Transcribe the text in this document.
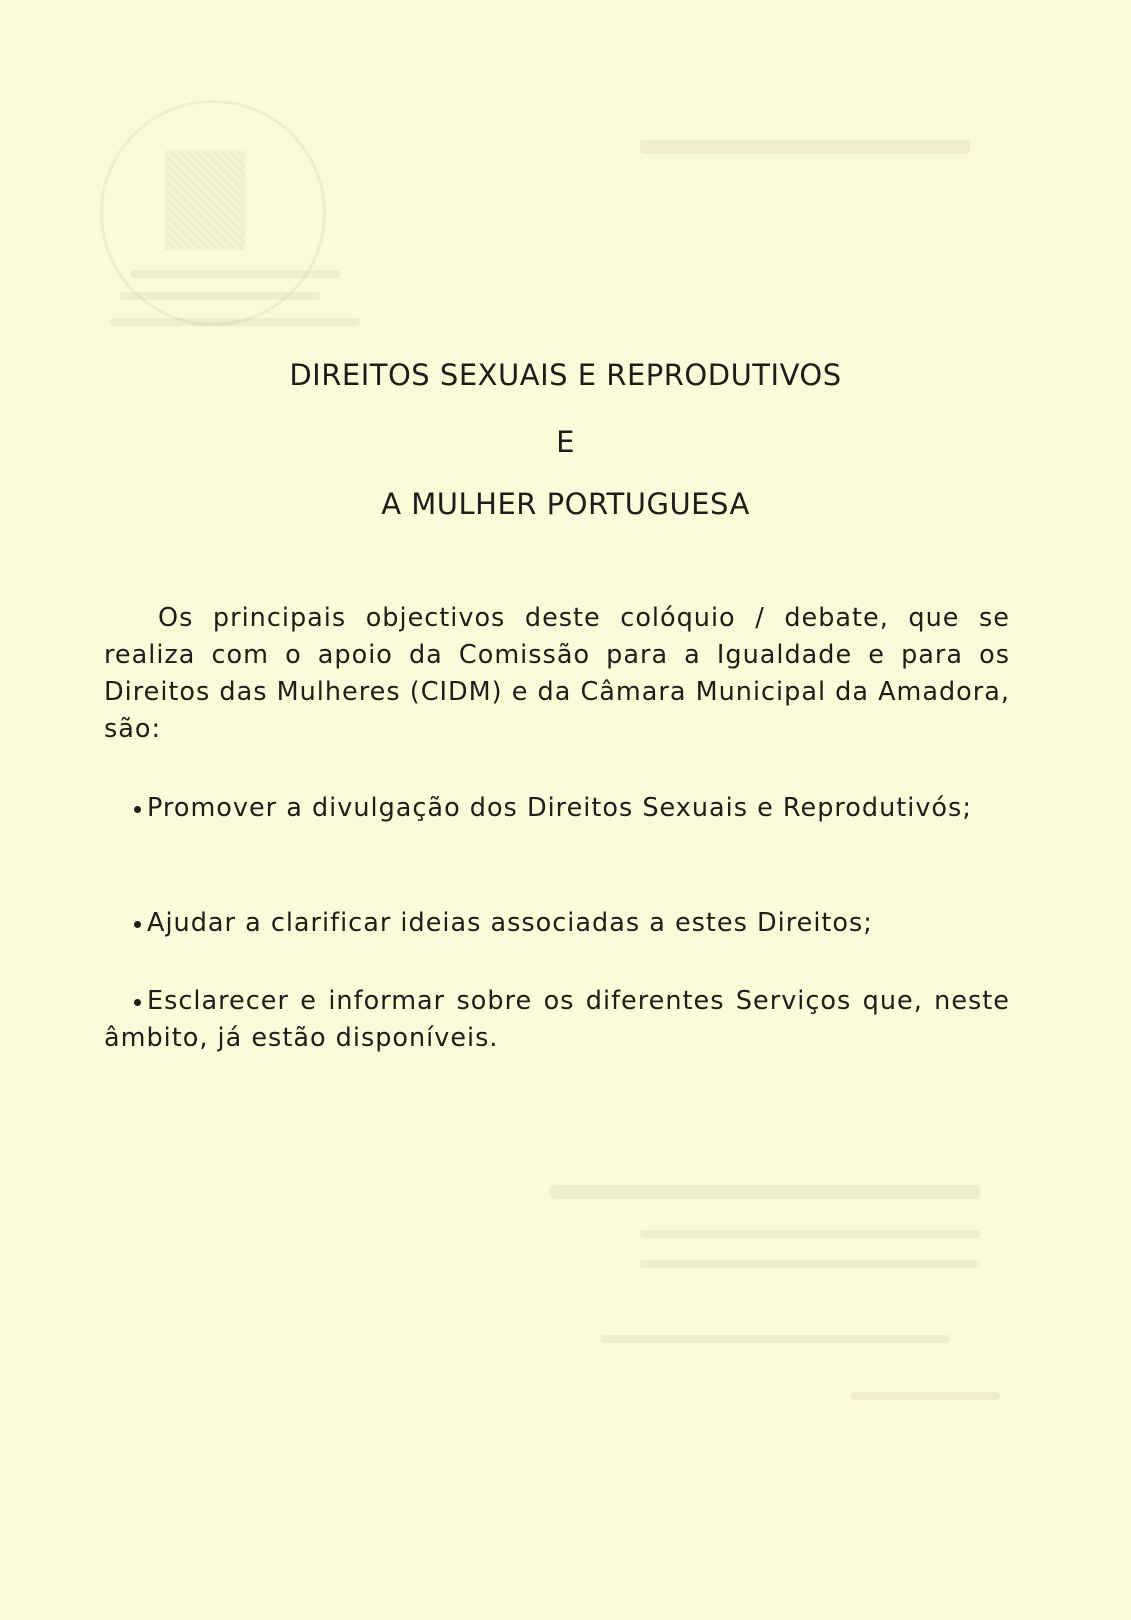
DIREITOS SEXUAIS E REPRODUTIVOS
E
A MULHER PORTUGUESA

Os principais objectivos deste colóquio / debate, que se realiza com o apoio da Comissão para a Igualdade e para os Direitos das Mulheres (CIDM) e da Câmara Municipal da Amadora, são:

Promover a divulgação dos Direitos Sexuais e Reprodutivós;

Ajudar a clarificar ideias associadas a estes Direitos;

Esclarecer e informar sobre os diferentes Serviços que, neste âmbito, já estão disponíveis.
